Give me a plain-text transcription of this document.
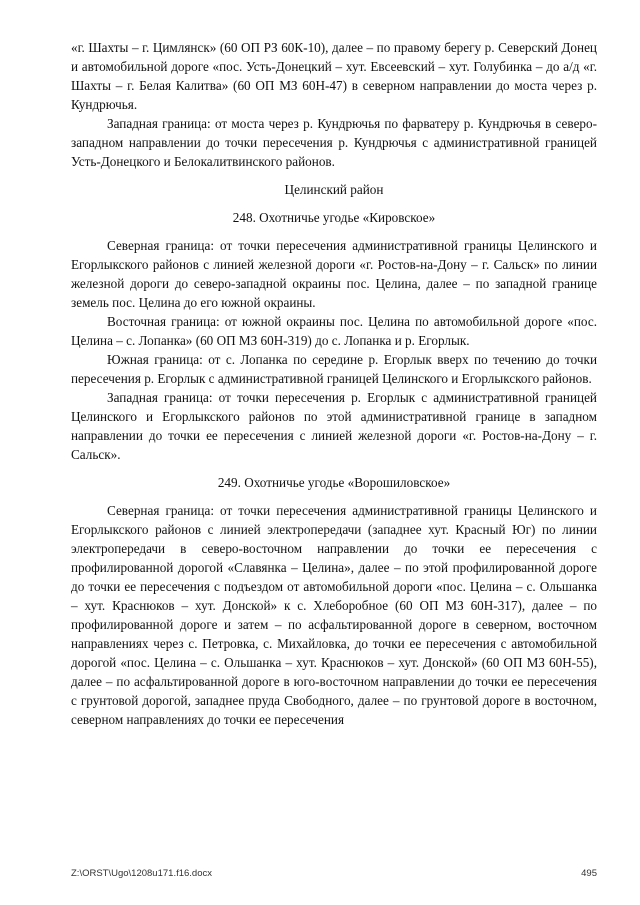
«г. Шахты – г. Цимлянск» (60 ОП РЗ 60К-10), далее – по правому берегу р. Северский Донец и автомобильной дороге «пос. Усть-Донецкий – хут. Евсеевский – хут. Голубинка – до а/д «г. Шахты – г. Белая Калитва» (60 ОП МЗ 60Н-47) в северном направлении до моста через р. Кундрючья.

Западная граница: от моста через р. Кундрючья по фарватеру р. Кундрючья в северо-западном направлении до точки пересечения р. Кундрючья с административной границей Усть-Донецкого и Белокалитвинского районов.

Целинский район

248. Охотничье угодье «Кировское»

Северная граница: от точки пересечения административной границы Целинского и Егорлыкского районов с линией железной дороги «г. Ростов-на-Дону – г. Сальск» по линии железной дороги до северо-западной окраины пос. Целина, далее – по западной границе земель пос. Целина до его южной окраины.

Восточная граница: от южной окраины пос. Целина по автомобильной дороге «пос. Целина – с. Лопанка» (60 ОП МЗ 60Н-319) до с. Лопанка и р. Егорлык.

Южная граница: от с. Лопанка по середине р. Егорлык вверх по течению до точки пересечения р. Егорлык с административной границей Целинского и Егорлыкского районов.

Западная граница: от точки пересечения р. Егорлык с административной границей Целинского и Егорлыкского районов по этой административной границе в западном направлении до точки ее пересечения с линией железной дороги «г. Ростов-на-Дону – г. Сальск».

249. Охотничье угодье «Ворошиловское»

Северная граница: от точки пересечения административной границы Целинского и Егорлыкского районов с линией электропередачи (западнее хут. Красный Юг) по линии электропередачи в северо-восточном направлении до точки ее пересечения с профилированной дорогой «Славянка – Целина», далее – по этой профилированной дороге до точки ее пересечения с подъездом от автомобильной дороги «пос. Целина – с. Ольшанка – хут. Краснюков – хут. Донской» к с. Хлеборобное (60 ОП МЗ 60Н-317), далее – по профилированной дороге и затем – по асфальтированной дороге в северном, восточном направлениях через с. Петровка, с. Михайловка, до точки ее пересечения с автомобильной дорогой «пос. Целина – с. Ольшанка – хут. Краснюков – хут. Донской» (60 ОП МЗ 60Н-55), далее – по асфальтированной дороге в юго-восточном направлении до точки ее пересечения с грунтовой дорогой, западнее пруда Свободного, далее – по грунтовой дороге в восточном, северном направлениях до точки ее пересечения

Z:\ORST\Ugo\1208u171.f16.docx	495
